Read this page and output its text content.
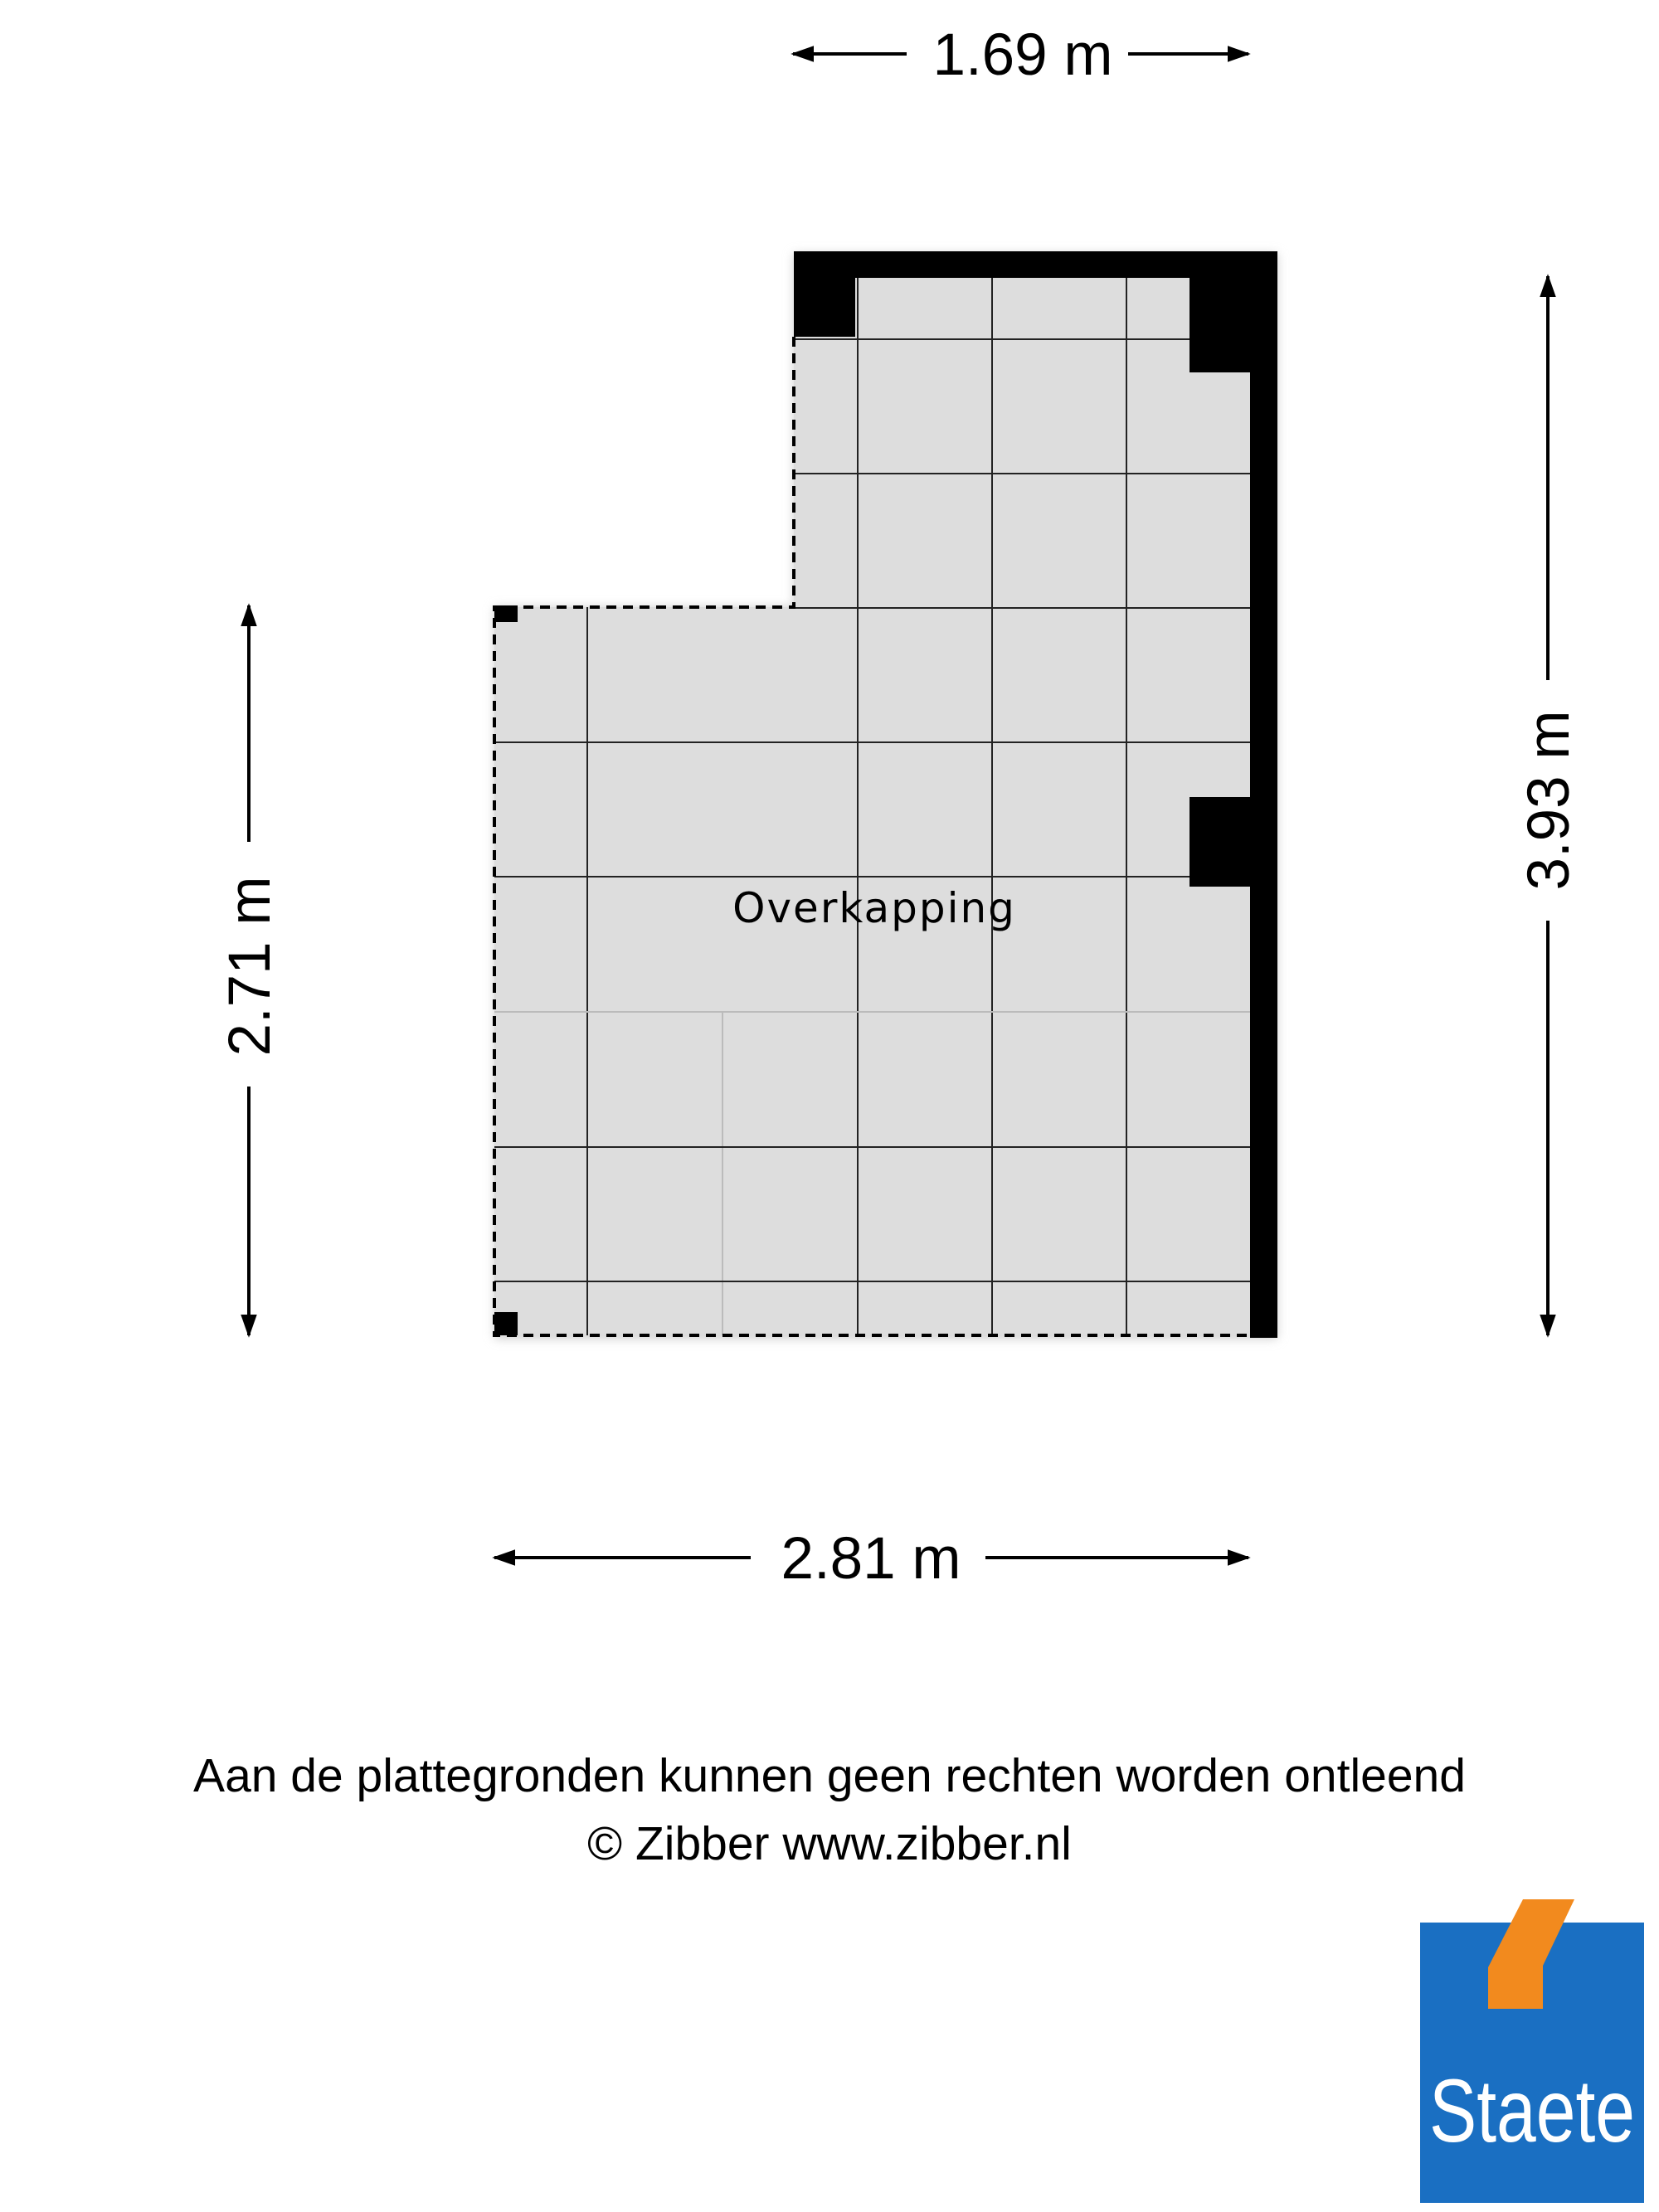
Overkapping
1.69 m
2.81 m
2.71 m
3.93 m
Staete
Aan de plattegronden kunnen geen rechten worden ontleend
© Zibber www.zibber.nl
